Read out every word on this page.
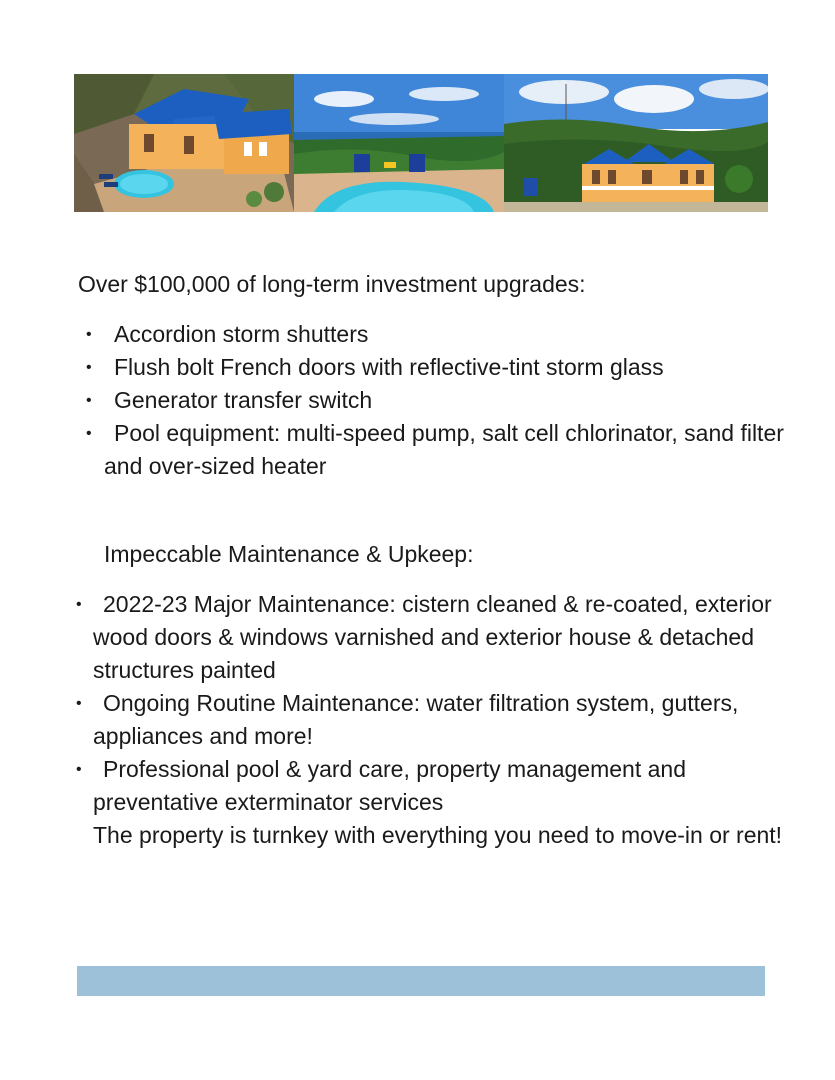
Over $100,000 of long-term investment upgrades:
• Accordion storm shutters
• Flush bolt French doors with reflective-tint storm glass
• Generator transfer switch
• Pool equipment: multi-speed pump, salt cell chlorinator, sand filter and over-sized heater
Impeccable Maintenance & Upkeep:
• 2022-23 Major Maintenance: cistern cleaned & re-coated, exterior wood doors & windows varnished and exterior house & detached structures painted
• Ongoing Routine Maintenance: water filtration system, gutters, appliances and more!
• Professional pool & yard care, property management and preventative exterminator services
The property is turnkey with everything you need to move-in or rent!
